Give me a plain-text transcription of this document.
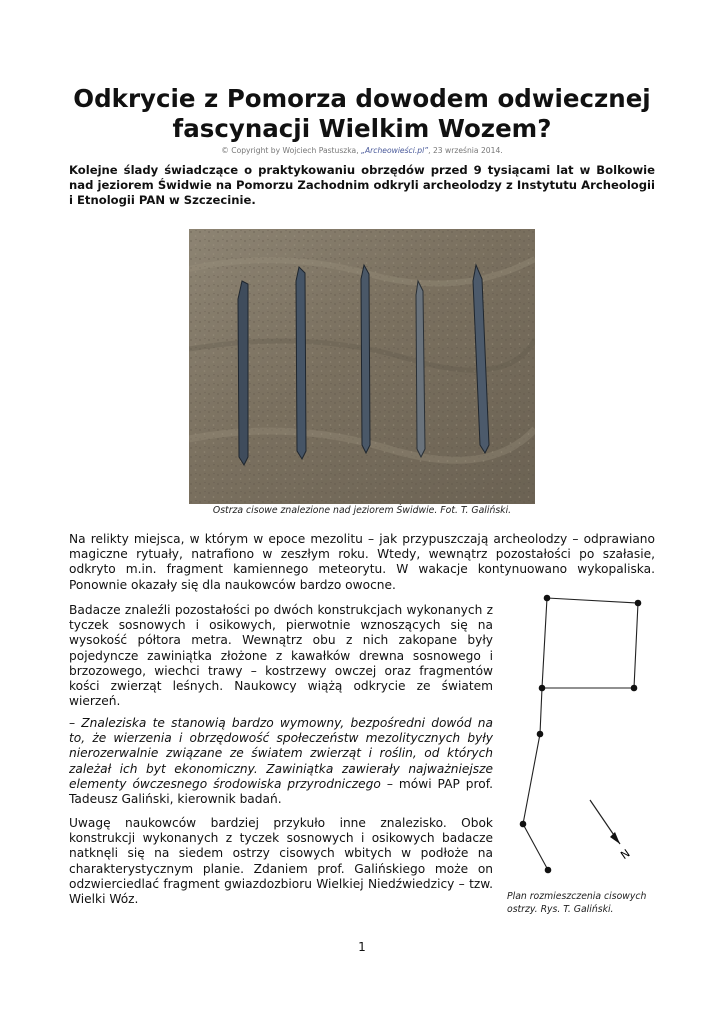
Odkrycie z Pomorza dowodem odwiecznej fascynacji Wielkim Wozem?
© Copyright by Wojciech Pastuszka, „Archeowieści.pl”, 23 września 2014.

Kolejne ślady świadczące o praktykowaniu obrzędów przed 9 tysiącami lat w Bolkowie nad jeziorem Świdwie na Pomorzu Zachodnim odkryli archeolodzy z Instytutu Archeologii i Etnologii PAN w Szczecinie.

Ostrza cisowe znalezione nad jeziorem Świdwie. Fot. T. Galiński.

Na relikty miejsca, w którym w epoce mezolitu – jak przypuszczają archeolodzy – odprawiano magiczne rytuały, natrafiono w zeszłym roku. Wtedy, wewnątrz pozostałości po szałasie, odkryto m.in. fragment kamiennego meteorytu. W wakacje kontynuowano wykopaliska. Ponownie okazały się dla naukowców bardzo owocne.

Badacze znaleźli pozostałości po dwóch konstrukcjach wykonanych z tyczek sosnowych i osikowych, pierwotnie wznoszących się na wysokość półtora metra. Wewnątrz obu z nich zakopane były pojedyncze zawiniątka złożone z kawałków drewna sosnowego i brzozowego, wiechci trawy – kostrzewy owczej oraz fragmentów kości zwierząt leśnych. Naukowcy wiążą odkrycie ze światem wierzeń.

– Znaleziska te stanowią bardzo wymowny, bezpośredni dowód na to, że wierzenia i obrzędowość społeczeństw mezolitycznych były nierozerwalnie związane ze światem zwierząt i roślin, od których zależał ich byt ekonomiczny. Zawiniątka zawierały najważniejsze elementy ówczesnego środowiska przyrodniczego – mówi PAP prof. Tadeusz Galiński, kierownik badań.

Uwagę naukowców bardziej przykuło inne znalezisko. Obok konstrukcji wykonanych z tyczek sosnowych i osikowych badacze natknęli się na siedem ostrzy cisowych wbitych w podłoże na charakterystycznym planie. Zdaniem prof. Galińskiego może on odzwierciedlać fragment gwiazdozbioru Wielkiej Niedźwiedzicy – tzw. Wielki Wóz.

N
Plan rozmieszczenia cisowych ostrzy. Rys. T. Galiński.
1
